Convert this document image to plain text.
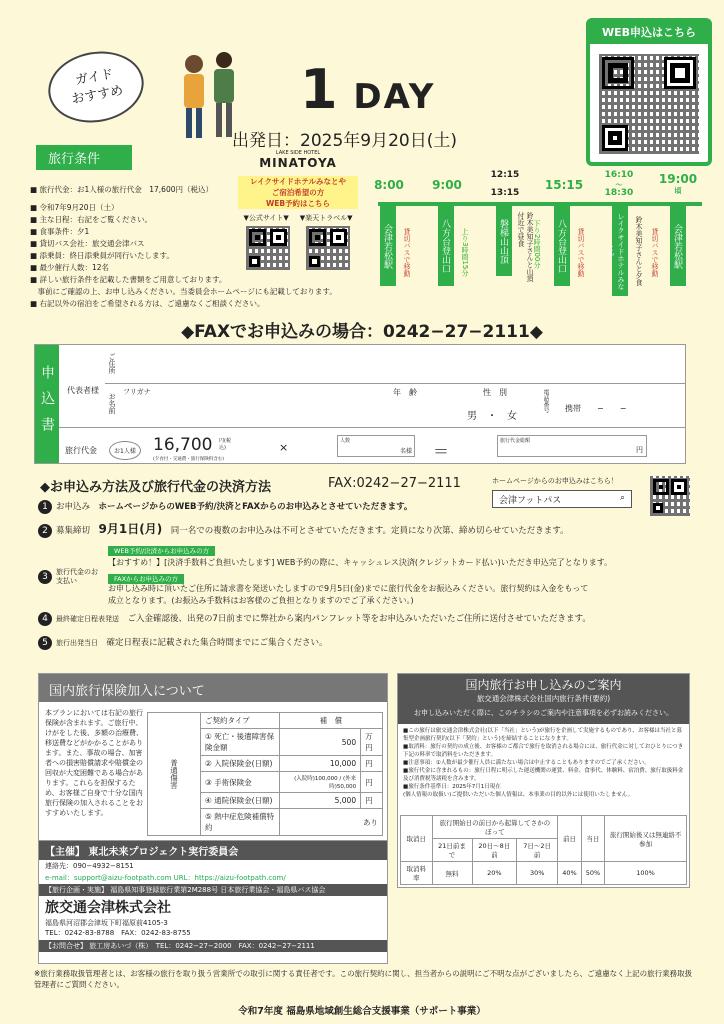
ガイド
おすすめ	1 DAY
出発日：2025年9月20日(土)
WEB申込はこちら
旅行条件
■ 旅行代金：お1人様の旅行代金　17,600円（税込）
■ 令和7年9月20日（土）
■ 主な日程：右記をご覧ください。
■ 食事条件：夕1
■ 貸切バス会社：旅交通会津バス
■ 添乗員：終日添乗員が同行いたします。
■ 最少催行人数：12名
■ 詳しい旅行条件を記載した書類をご用意しております。
　事前にご確認の上、お申し込みください。当委員会ホームページにも記載しております。
■ 右記以外の宿泊をご希望される方は、ご遠慮なくご相談ください。
LAKE SIDE HOTEL
MINATOYA
レイクサイドホテルみなとや
ご宿泊希望の方
WEB予約はこちら
▼公式サイト▼ ▼楽天トラベル▼
8:00 9:00
12:15
13:15
15:15
16:10
～
18:30
19:00
頃
会津若松駅	貸切バスで移動	八方台登山口	上り3時間15分	磐梯山山頂	鈴木美知子さんと山頂付近で昼食	下り2時間00分 八方台登山口	貸切バスで移動	レイクサイドホテルみなとや	鈴木美知子さんと夕食 貸切バスで移動 会津若松駅
◆FAXでお申込みの場合：0242−27−2111◆
申込書	代表者様
ご住所
フリガナ
お名前
年　齢	性　別
男　・　女
電話番号 携帯 −　　−
旅行代金	お1人様 16,700 円(税込)
(夕食付・交通費・旅行保険料含む)
×	人数
名様 ＝
旅行代金総額
円
◆お申込み方法及び旅行代金の決済方法	FAX:0242−27−2111	ホームページからのお申込みはこちら！
会津フットパス	⌕
1 お申込み　 ホームページからのWEB予約/決済とFAXからのお申込みとさせていただきます。
2 募集締切　 9月1日(月)　 同一名での複数のお申込みは不可とさせていただきます。定員になり次第、締め切らせていただきます。
3	旅行代金のお支払い
WEB予約/決済からお申込みの方
【おすすめ！】[決済手数料ご負担いたします] WEB予約の際に、キャッシュレス決済(クレジットカード払い)いただき申込完了となります。
FAXからお申込みの方
お申し込み時に頂いたご住所に請求書を発送いたしますので9月5日(金)までに旅行代金をお振込みください。旅行契約は入金をもって
成立となります。(お振込み手数料はお客様のご負担となりますのでご了承ください。)
4 最終確定日程表発送　 ご入金確認後、出発の7日前までに弊社から案内パンフレット等をお申込みいただいたご住所に送付させていただきます。
5 旅行出発当日　 確定日程表に記載された集合時間までにご集合ください。
国内旅行保険加入について
本プランにおいては右記の旅行保険が含まれます。ご旅行中、けがをした後、多額の治療費、移送費などがかかることがあります。また、事故の場合、加害者への損害賠償請求や賠償金の回収が大変困難である場合があります。これらを担保するため、お客様ご自身で十分な国内旅行保険の加入されることをおすすめいたします。
普通傷害	ご契約タイプ	補　償	
	① 死亡・後遺障害保険金額	500	万円
	② 入院保険金(日額)	10,000	円
	③ 手術保険金	(入院時)100,000 / (外来時)50,000	円
	④ 通院保険金(日額)	5,000	円
	⑤ 熱中症危険補償特約	あり	
国内旅行お申し込みのご案内
旅交通会津株式会社国内旅行条件(要約)
お申し込みいただく際に、このチラシのご案内や注意事項を必ずお読みください。
■この旅行は旅交通会津株式会社(以下「当社」という)が旅行を企画して実施するものであり、お客様は当社と募集型企画旅行契約(以下「契約」という)を締結することになります。
■取消料：旅行の契約の成立後、お客様のご都合で旅行を取消される場合には、旅行代金に対しておひとりにつき下記の料率で取消料をいただきます。
■注意事項：①人数が最少催行人員に満たない場合は中止することもありますのでご了承ください。
■旅行代金に含まれるもの：旅行日程に明示した運送機関の運賃、料金、食事代、体験料、宿泊費、旅行取扱料金及び消費税等諸税を含みます。
■旅行条件基準日：2025年7月1日現在
(個人情報の取扱い)ご提供いただいた個人情報は、本事業の目的以外には使用いたしません。
取消日	旅行開始日の前日から起算してさかのぼって			前日	当日	旅行開始後又は無連絡不参加
	21日前まで	20日〜8日前	7日〜2日前			
取消料率	無料	20%	30%	40%	50%	100%
【主催】 東北未来プロジェクト実行委員会
連絡先：090−4932−8151
e-mail：support@aizu-footpath.com URL：https://aizu-footpath.com/
【旅行企画・実施】 福島県知事登録旅行業第2M288号 日本旅行業協会・福島県バス協会
旅交通会津株式会社
福島県河沼郡会津坂下町福原前4105-3
TEL：0242-83-8788　FAX：0242-83-8755
【お問合せ】 旅工房あいづ（株）　TEL：0242−27−2000　FAX：0242−27−2111
※旅行業務取扱管理者とは、お客様の旅行を取り扱う営業所での取引に関する責任者です。この旅行契約に関し、担当者からの説明にご不明な点がございましたら、ご遠慮なく上記の旅行業務取扱管理者にご質問ください。
令和7年度 福島県地域創生総合支援事業（サポート事業）
